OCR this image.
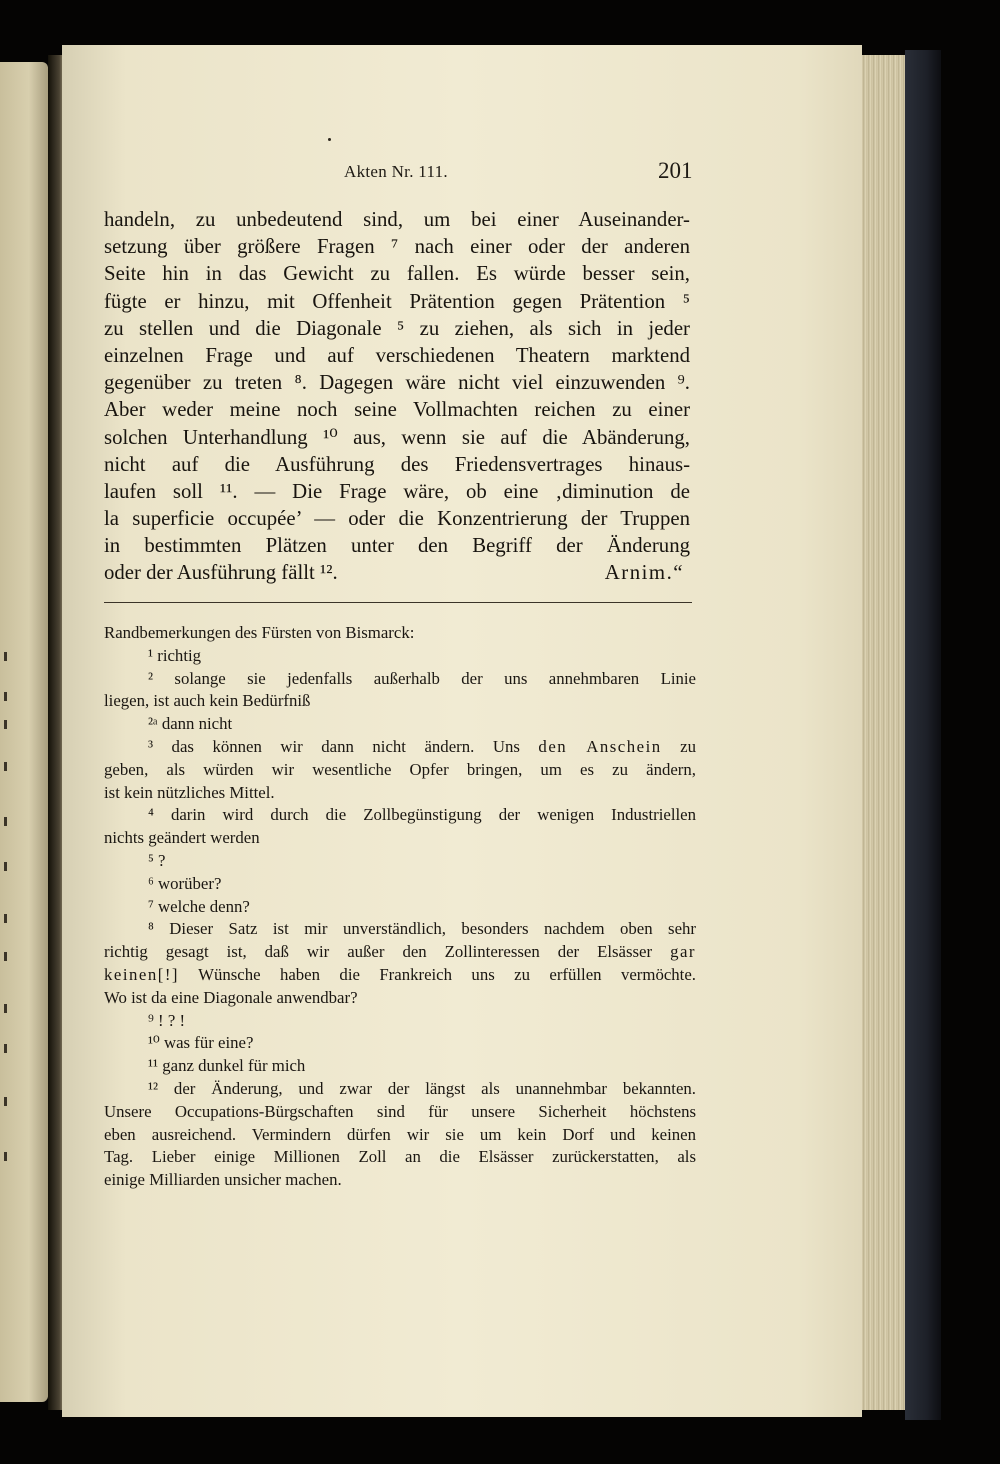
Akten Nr. 111.	201
handeln, zu unbedeutend sind, um bei einer Auseinander-
setzung über größere Fragen ⁷ nach einer oder der anderen
Seite hin in das Gewicht zu fallen. Es würde besser sein,
fügte er hinzu, mit Offenheit Prätention gegen Prätention ⁵
zu stellen und die Diagonale ⁵ zu ziehen, als sich in jeder
einzelnen Frage und auf verschiedenen Theatern marktend
gegenüber zu treten ⁸. Dagegen wäre nicht viel einzuwenden ⁹.
Aber weder meine noch seine Vollmachten reichen zu einer
solchen Unterhandlung ¹⁰ aus, wenn sie auf die Abänderung,
nicht auf die Ausführung des Friedensvertrages hinaus-
laufen soll ¹¹. — Die Frage wäre, ob eine ‚diminution de
la superficie occupée’ — oder die Konzentrierung der Truppen
in bestimmten Plätzen unter den Begriff der Änderung
oder der Ausführung fällt ¹².	Arnim.“
Randbemerkungen des Fürsten von Bismarck:
¹ richtig
² solange sie jedenfalls außerhalb der uns annehmbaren Linie
liegen, ist auch kein Bedürfniß
²ᵃ dann nicht
³ das können wir dann nicht ändern. Uns den Anschein zu
geben, als würden wir wesentliche Opfer bringen, um es zu ändern,
ist kein nützliches Mittel.
⁴ darin wird durch die Zollbegünstigung der wenigen Industriellen
nichts geändert werden
⁵ ?
⁶ worüber?
⁷ welche denn?
⁸ Dieser Satz ist mir unverständlich, besonders nachdem oben sehr
richtig gesagt ist, daß wir außer den Zollinteressen der Elsässer gar
keinen[!] Wünsche haben die Frankreich uns zu erfüllen vermöchte.
Wo ist da eine Diagonale anwendbar?
⁹ ! ? !
¹⁰ was für eine?
¹¹ ganz dunkel für mich
¹² der Änderung, und zwar der längst als unannehmbar bekannten.
Unsere Occupations-Bürgschaften sind für unsere Sicherheit höchstens
eben ausreichend. Vermindern dürfen wir sie um kein Dorf und keinen
Tag. Lieber einige Millionen Zoll an die Elsässer zurückerstatten, als
einige Milliarden unsicher machen.
